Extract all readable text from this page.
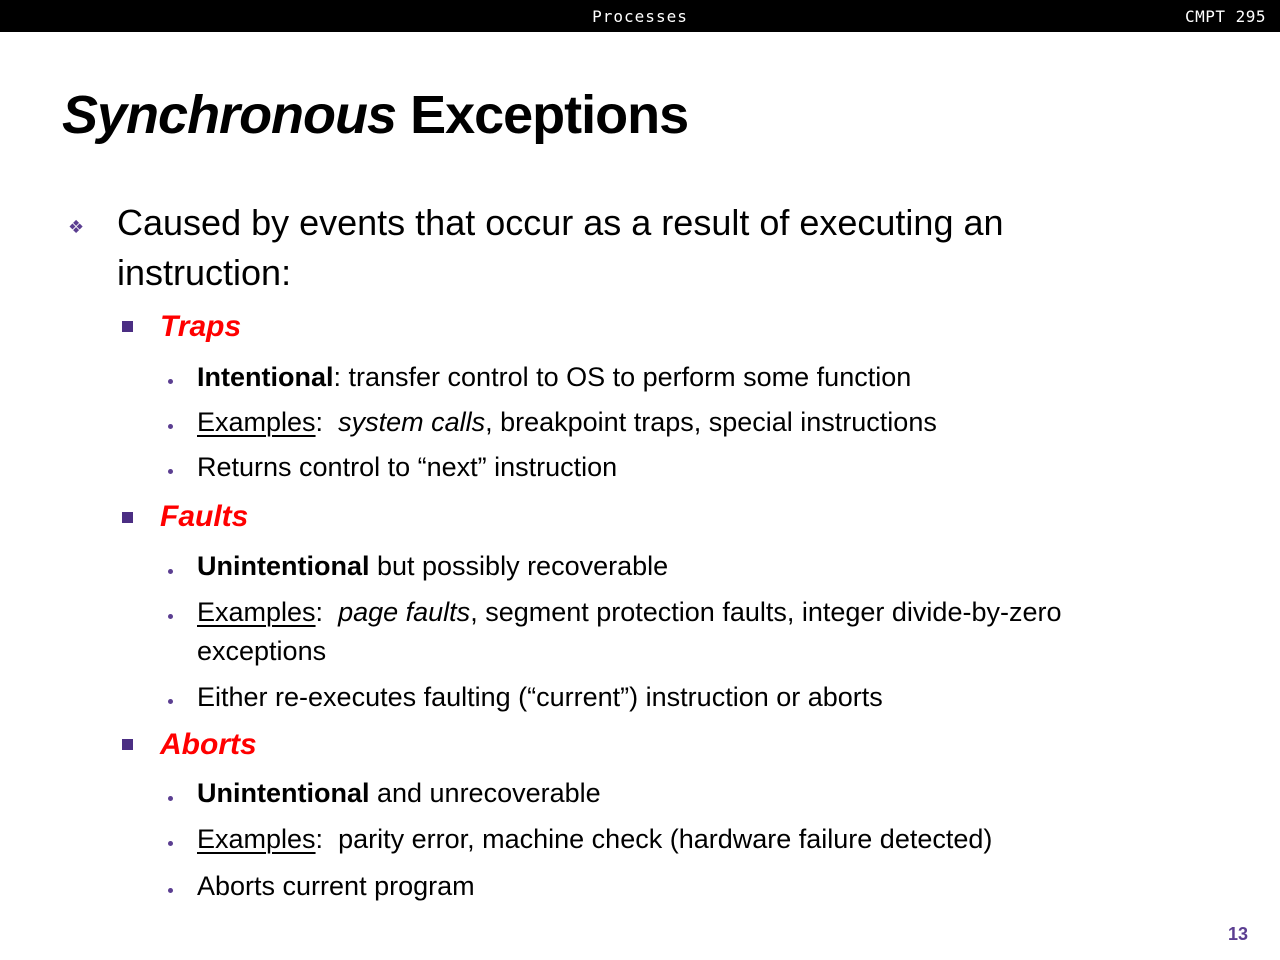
Processes	CMPT 295
Synchronous Exceptions
❖ Caused by events that occur as a result of executing an
instruction:
Traps
Intentional: transfer control to OS to perform some function
Examples: system calls, breakpoint traps, special instructions
Returns control to “next” instruction
Faults
Unintentional but possibly recoverable
Examples: page faults, segment protection faults, integer divide-by-zero
exceptions
Either re-executes faulting (“current”) instruction or aborts
Aborts
Unintentional and unrecoverable
Examples: parity error, machine check (hardware failure detected)
Aborts current program
13
